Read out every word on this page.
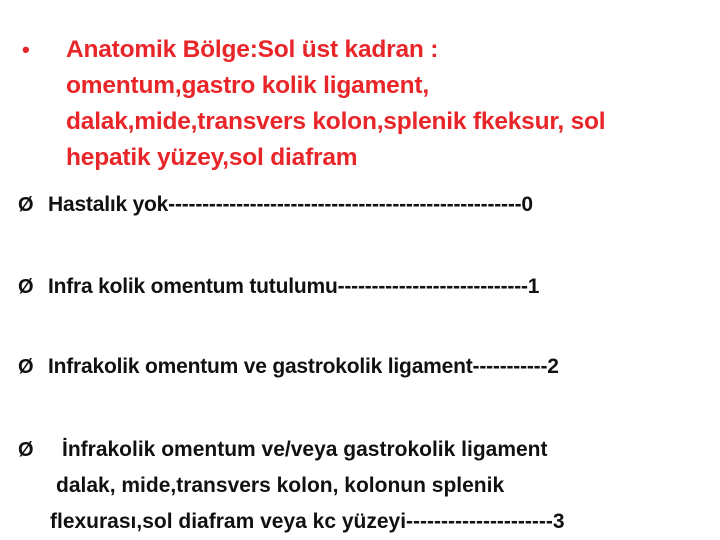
•	Anatomik Bölge:Sol üst kadran :
omentum,gastro kolik ligament,
dalak,mide,transvers kolon,splenik fkeksur, sol
hepatik yüzey,sol diafram
Ø Hastalık yok----------------------------------------------------0
Ø Infra kolik omentum tutulumu----------------------------1
Ø Infrakolik omentum ve gastrokolik ligament-----------2
Ø	İnfrakolik omentum ve/veya gastrokolik ligament
dalak, mide,transvers kolon, kolonun splenik
flexurası,sol diafram veya kc yüzeyi---------------------3
